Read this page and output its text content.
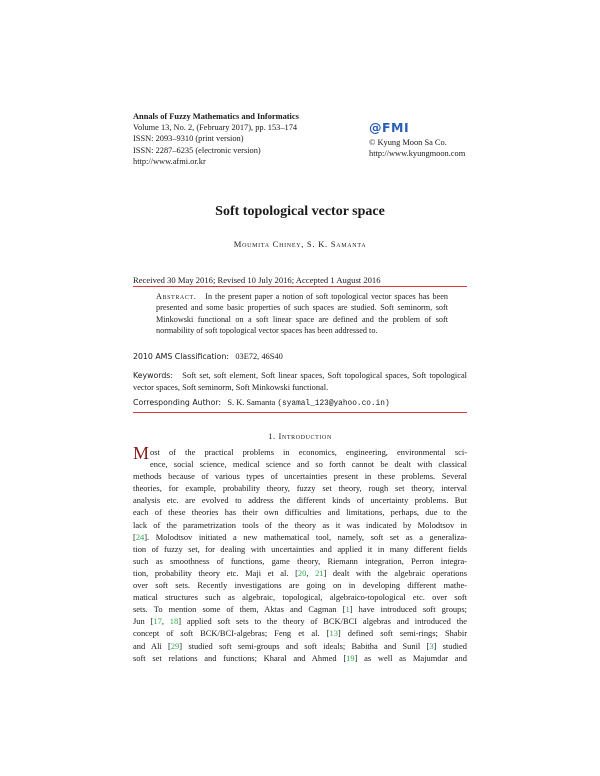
Annals of Fuzzy Mathematics and Informatics
Volume 13, No. 2, (February 2017), pp. 153–174
ISSN: 2093–9310 (print version)
ISSN: 2287–6235 (electronic version)
http://www.afmi.or.kr
@FMI
© Kyung Moon Sa Co.
http://www.kyungmoon.com
Soft topological vector space
Moumita Chiney, S. K. Samanta
Received 30 May 2016; Revised 10 July 2016; Accepted 1 August 2016
Abstract. In the present paper a notion of soft topological vector spaces has been presented and some basic properties of such spaces are studied. Soft seminorm, soft Minkowski functional on a soft linear space are defined and the problem of soft normability of soft topological vector spaces has been addressed to.
2010 AMS Classification: 03E72, 46S40
Keywords: Soft set, soft element, Soft linear spaces, Soft topological spaces, Soft topological vector spaces, Soft seminorm, Soft Minkowski functional.
Corresponding Author: S. K. Samanta (syamal_123@yahoo.co.in)
1. Introduction
M ost of the practical problems in economics, engineering, environmental sci-
ence, social science, medical science and so forth cannot be dealt with classical
methods because of various types of uncertainties present in these problems. Several
theories, for example, probability theory, fuzzy set theory, rough set theory, interval
analysis etc. are evolved to address the different kinds of uncertainty problems. But
each of these theories has their own difficulties and limitations, perhaps, due to the
lack of the parametrization tools of the theory as it was indicated by Molodtsov in
[24]. Molodtsov initiated a new mathematical tool, namely, soft set as a generaliza-
tion of fuzzy set, for dealing with uncertainties and applied it in many different fields
such as smoothness of functions, game theory, Riemann integration, Perron integra-
tion, probability theory etc. Maji et al. [20, 21] dealt with the algebraic operations
over soft sets. Recently investigations are going on in developing different mathe-
matical structures such as algebraic, topological, algebraico-topological etc. over soft
sets. To mention some of them, Aktas and Cagman [1] have introduced soft groups;
Jun [17, 18] applied soft sets to the theory of BCK/BCI algebras and introduced the
concept of soft BCK/BCI-algebras; Feng et al. [13] defined soft semi-rings; Shabir
and Ali [29] studied soft semi-groups and soft ideals; Babitha and Sunil [3] studied
soft set relations and functions; Kharal and Ahmed [19] as well as Majumdar and
